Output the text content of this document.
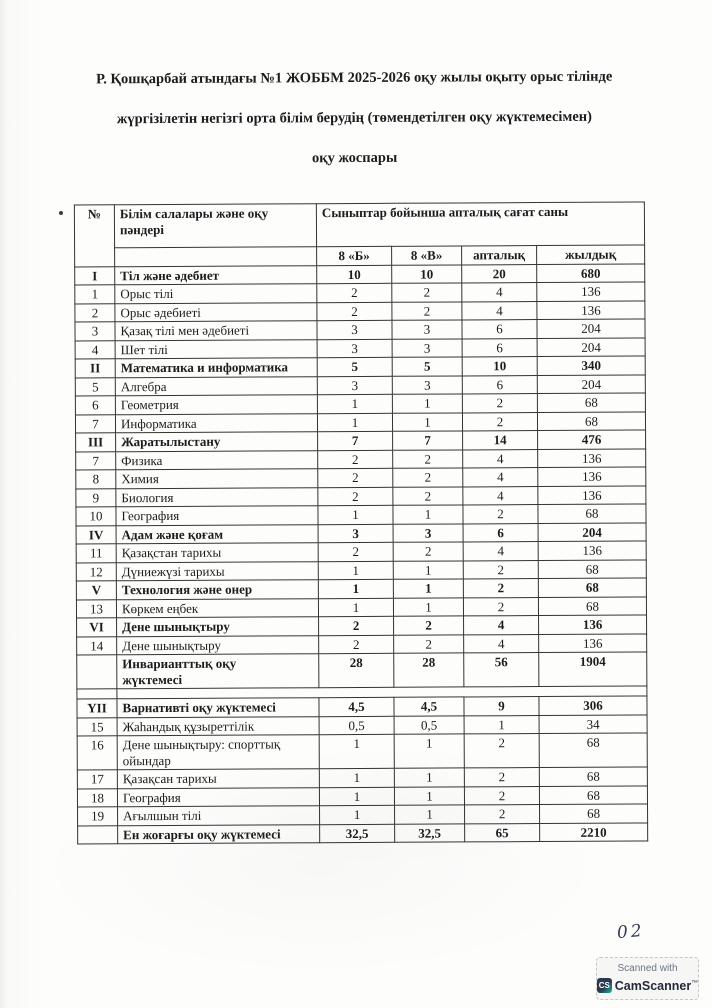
Р. Қошқарбай атындағы №1 ЖОББМ 2025-2026 оқу жылы оқыту орыс тілінде

жүргізілетін негізгі орта білім берудің (төмендетілген оқу жүктемесімен)

оқу жоспары

№	Білім салалары және оқу
пәндері	Сыныптар бойынша апталық сағат саны			
		8 «Б»	8 «В»	апталық	жылдық
I	Тіл және әдебиет	10	10	20	680
1	Орыс тілі	2	2	4	136
2	Орыс әдебиеті	2	2	4	136
3	Қазақ тілі мен әдебиеті	3	3	6	204
4	Шет тілі	3	3	6	204
II	Математика и информатика	5	5	10	340
5	Алгебра	3	3	6	204
6	Геометрия	1	1	2	68
7	Информатика	1	1	2	68
III	Жаратылыстану	7	7	14	476
7	Физика	2	2	4	136
8	Химия	2	2	4	136
9	Биология	2	2	4	136
10	География	1	1	2	68
IV	Адам және қоғам	3	3	6	204
11	Қазақстан тарихы	2	2	4	136
12	Дүниежүзі тарихы	1	1	2	68
V	Технология және онер	1	1	2	68
13	Көркем еңбек	1	1	2	68
VI	Дене шынықтыру	2	2	4	136
14	Дене шынықтыру	2	2	4	136
	Инварианттық оқу
жүктемесі	28	28	56	1904

YII	Варнативті оқу жүктемесі	4,5	4,5	9	306
15	Жаһандық құзыреттілік	0,5	0,5	1	34
16	Дене шынықтыру: спорттық
ойындар	1	1	2	68
17	Қазақсан тарихы	1	1	2	68
18	География	1	1	2	68
19	Ағылшын тілі	1	1	2	68
	Ен жоғарғы оқу жүктемесі	32,5	32,5	65	2210
02
Scanned with
CS CamScanner™
